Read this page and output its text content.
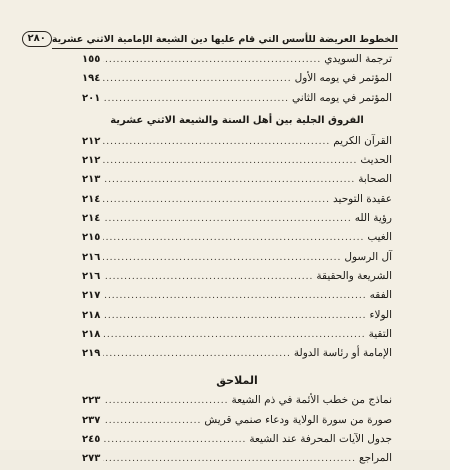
الخطوط العريضة للأسس التي قام عليها دين الشيعة الإمامية الاثني عشرية
٢٨٠
ترجمة السويدي
.....
١٥٥
المؤتمر في يومه الأول
.....
١٩٤
المؤتمر في يومه الثاني
.....
٢٠١
الفروق الجلية بين أهل السنة والشيعة الاثني عشرية
القرآن الكريم
.....
٢١٢
الحديث
.....
٢١٢
الصحابة
.....
٢١٣
عقيدة التوحيد
.....
٢١٤
رؤية الله
.....
٢١٤
الغيب
.....
٢١٥
آل الرسول
.....
٢١٦
الشريعة والحقيقة
.....
٢١٦
الفقه
.....
٢١٧
الولاء
.....
٢١٨
التقية
.....
٢١٨
الإمامة أو رئاسة الدولة
.....
٢١٩
الملاحق
نماذج من خطب الأئمة في ذم الشيعة
.....
٢٢٣
صورة من سورة الولاية ودعاء صنمي قريش
.....
٢٣٧
جدول الآيات المحرفة عند الشيعة
.....
٢٤٥
المراجع
.....
٢٧٣
